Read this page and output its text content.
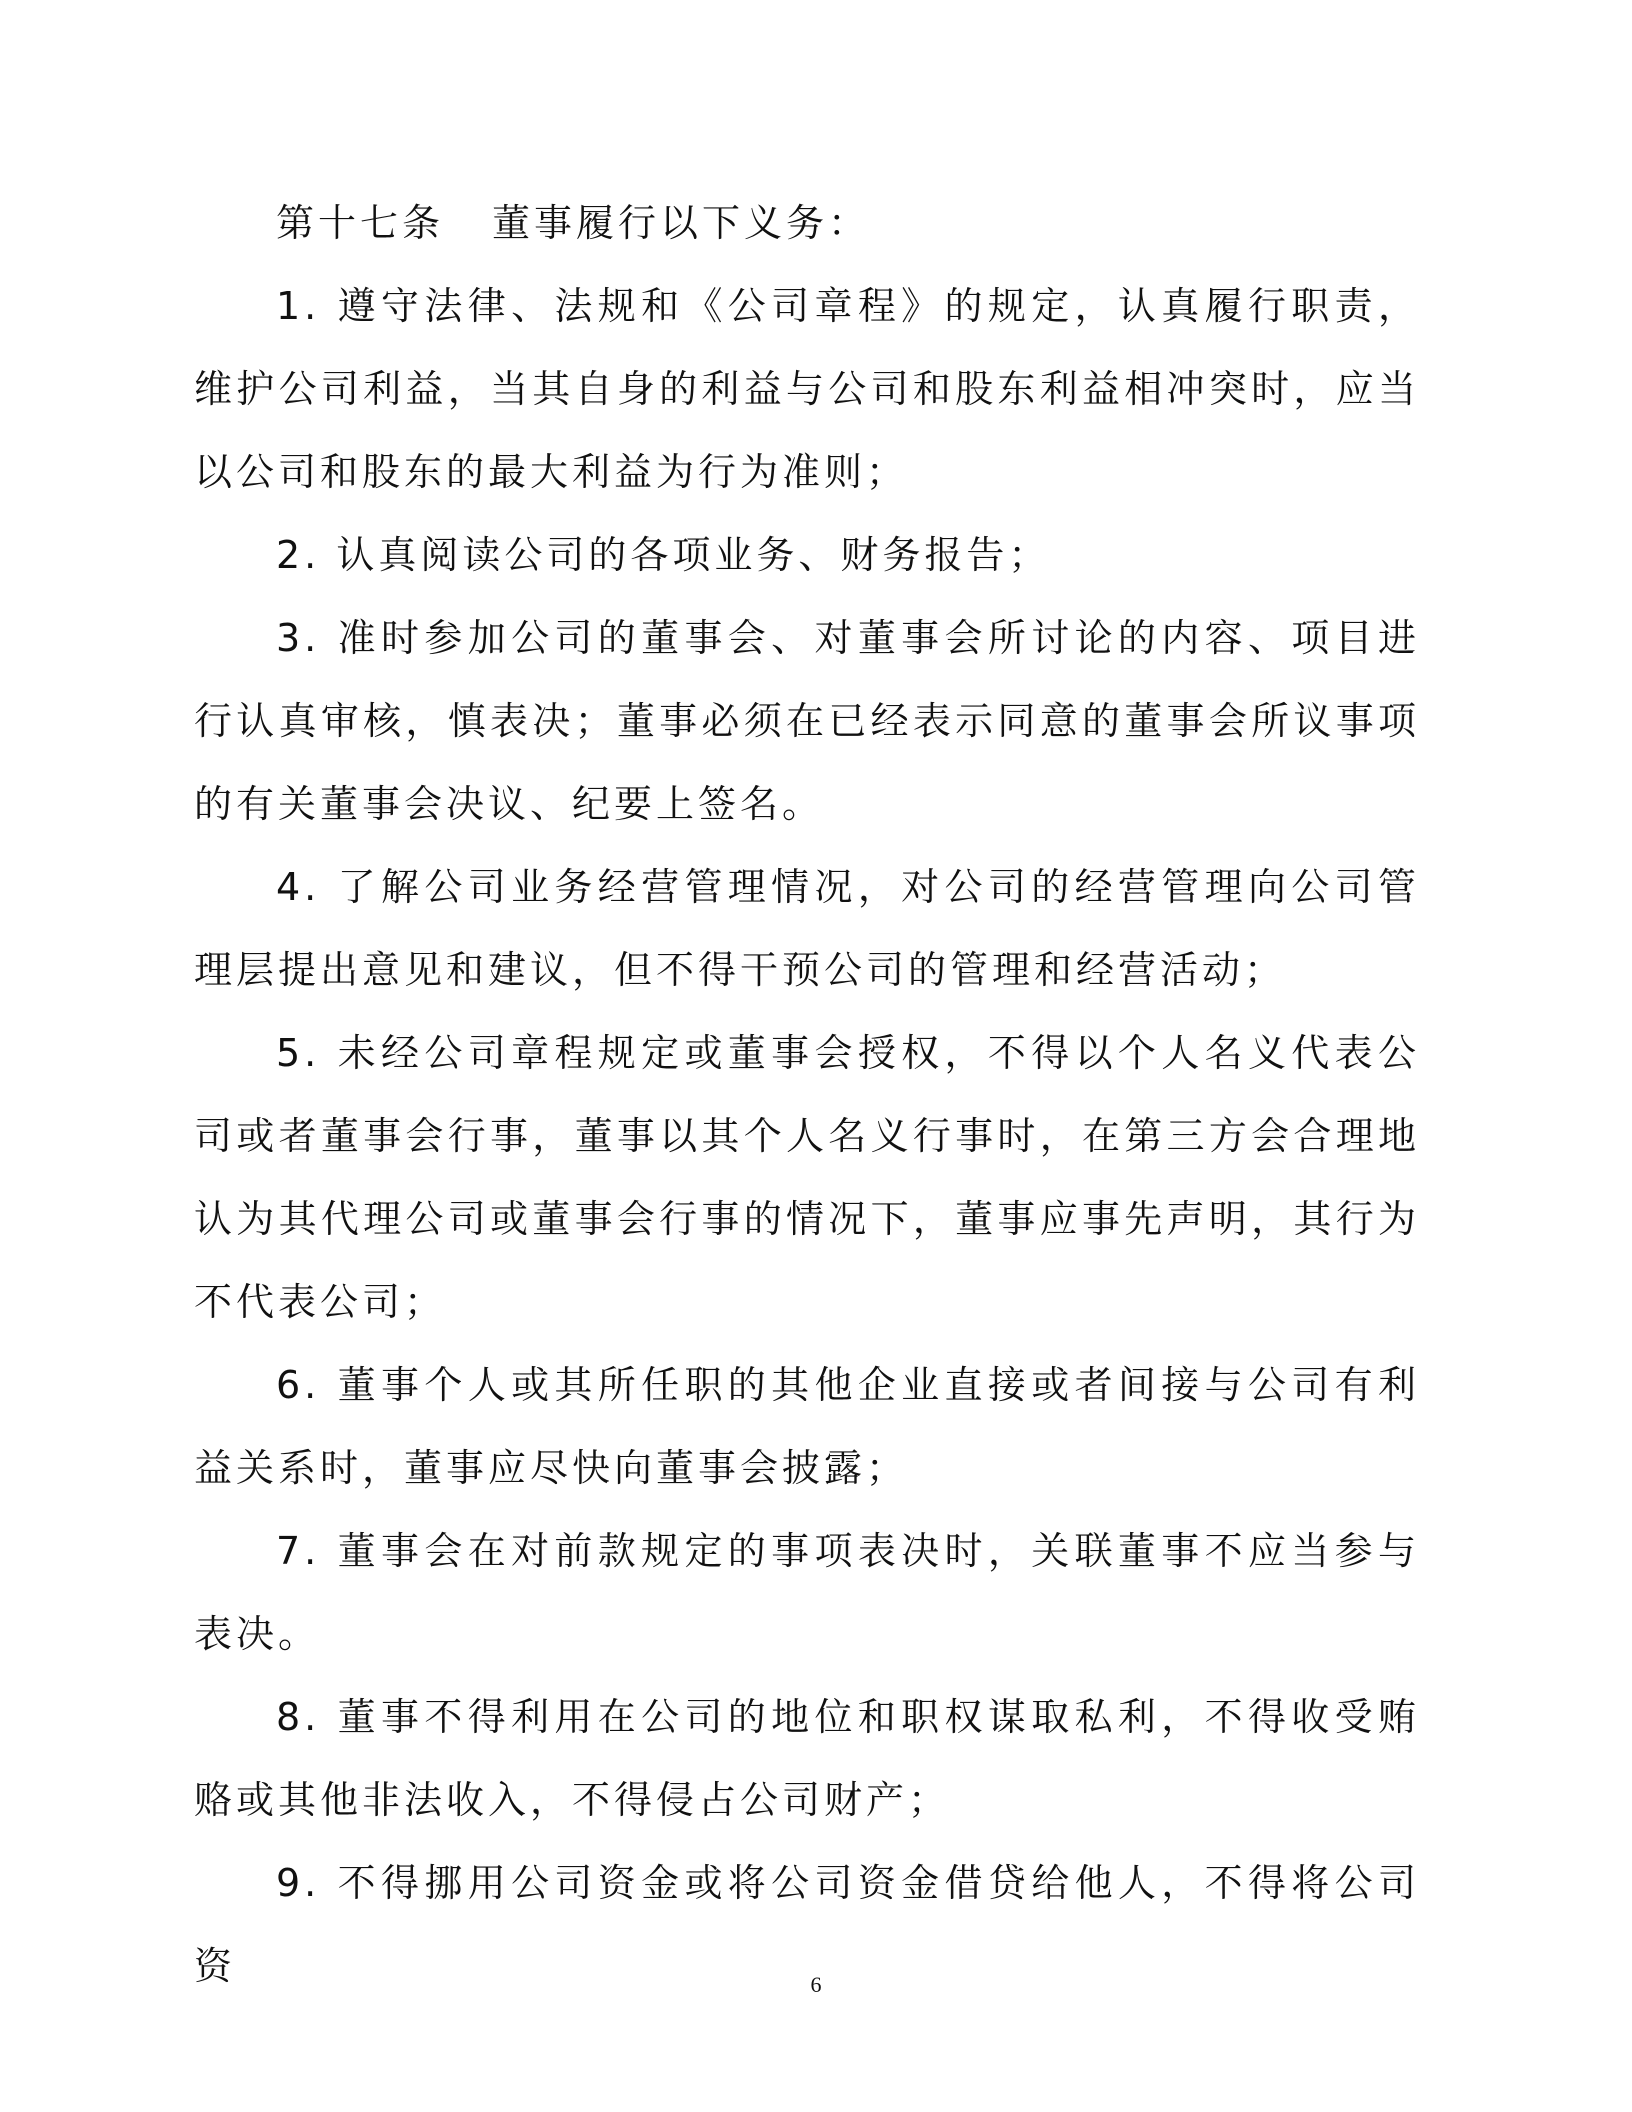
第十七条 董事履行以下义务：

1. 遵守法律、法规和《公司章程》的规定，认真履行职责，维护公司利益，当其自身的利益与公司和股东利益相冲突时，应当以公司和股东的最大利益为行为准则；

2. 认真阅读公司的各项业务、财务报告；

3. 准时参加公司的董事会、对董事会所讨论的内容、项目进行认真审核，慎表决；董事必须在已经表示同意的董事会所议事项的有关董事会决议、纪要上签名。

4. 了解公司业务经营管理情况，对公司的经营管理向公司管理层提出意见和建议，但不得干预公司的管理和经营活动；

5. 未经公司章程规定或董事会授权，不得以个人名义代表公司或者董事会行事，董事以其个人名义行事时，在第三方会合理地认为其代理公司或董事会行事的情况下，董事应事先声明，其行为不代表公司；

6. 董事个人或其所任职的其他企业直接或者间接与公司有利益关系时，董事应尽快向董事会披露；

7. 董事会在对前款规定的事项表决时，关联董事不应当参与表决。

8. 董事不得利用在公司的地位和职权谋取私利，不得收受贿赂或其他非法收入，不得侵占公司财产；

9. 不得挪用公司资金或将公司资金借贷给他人，不得将公司资	6
